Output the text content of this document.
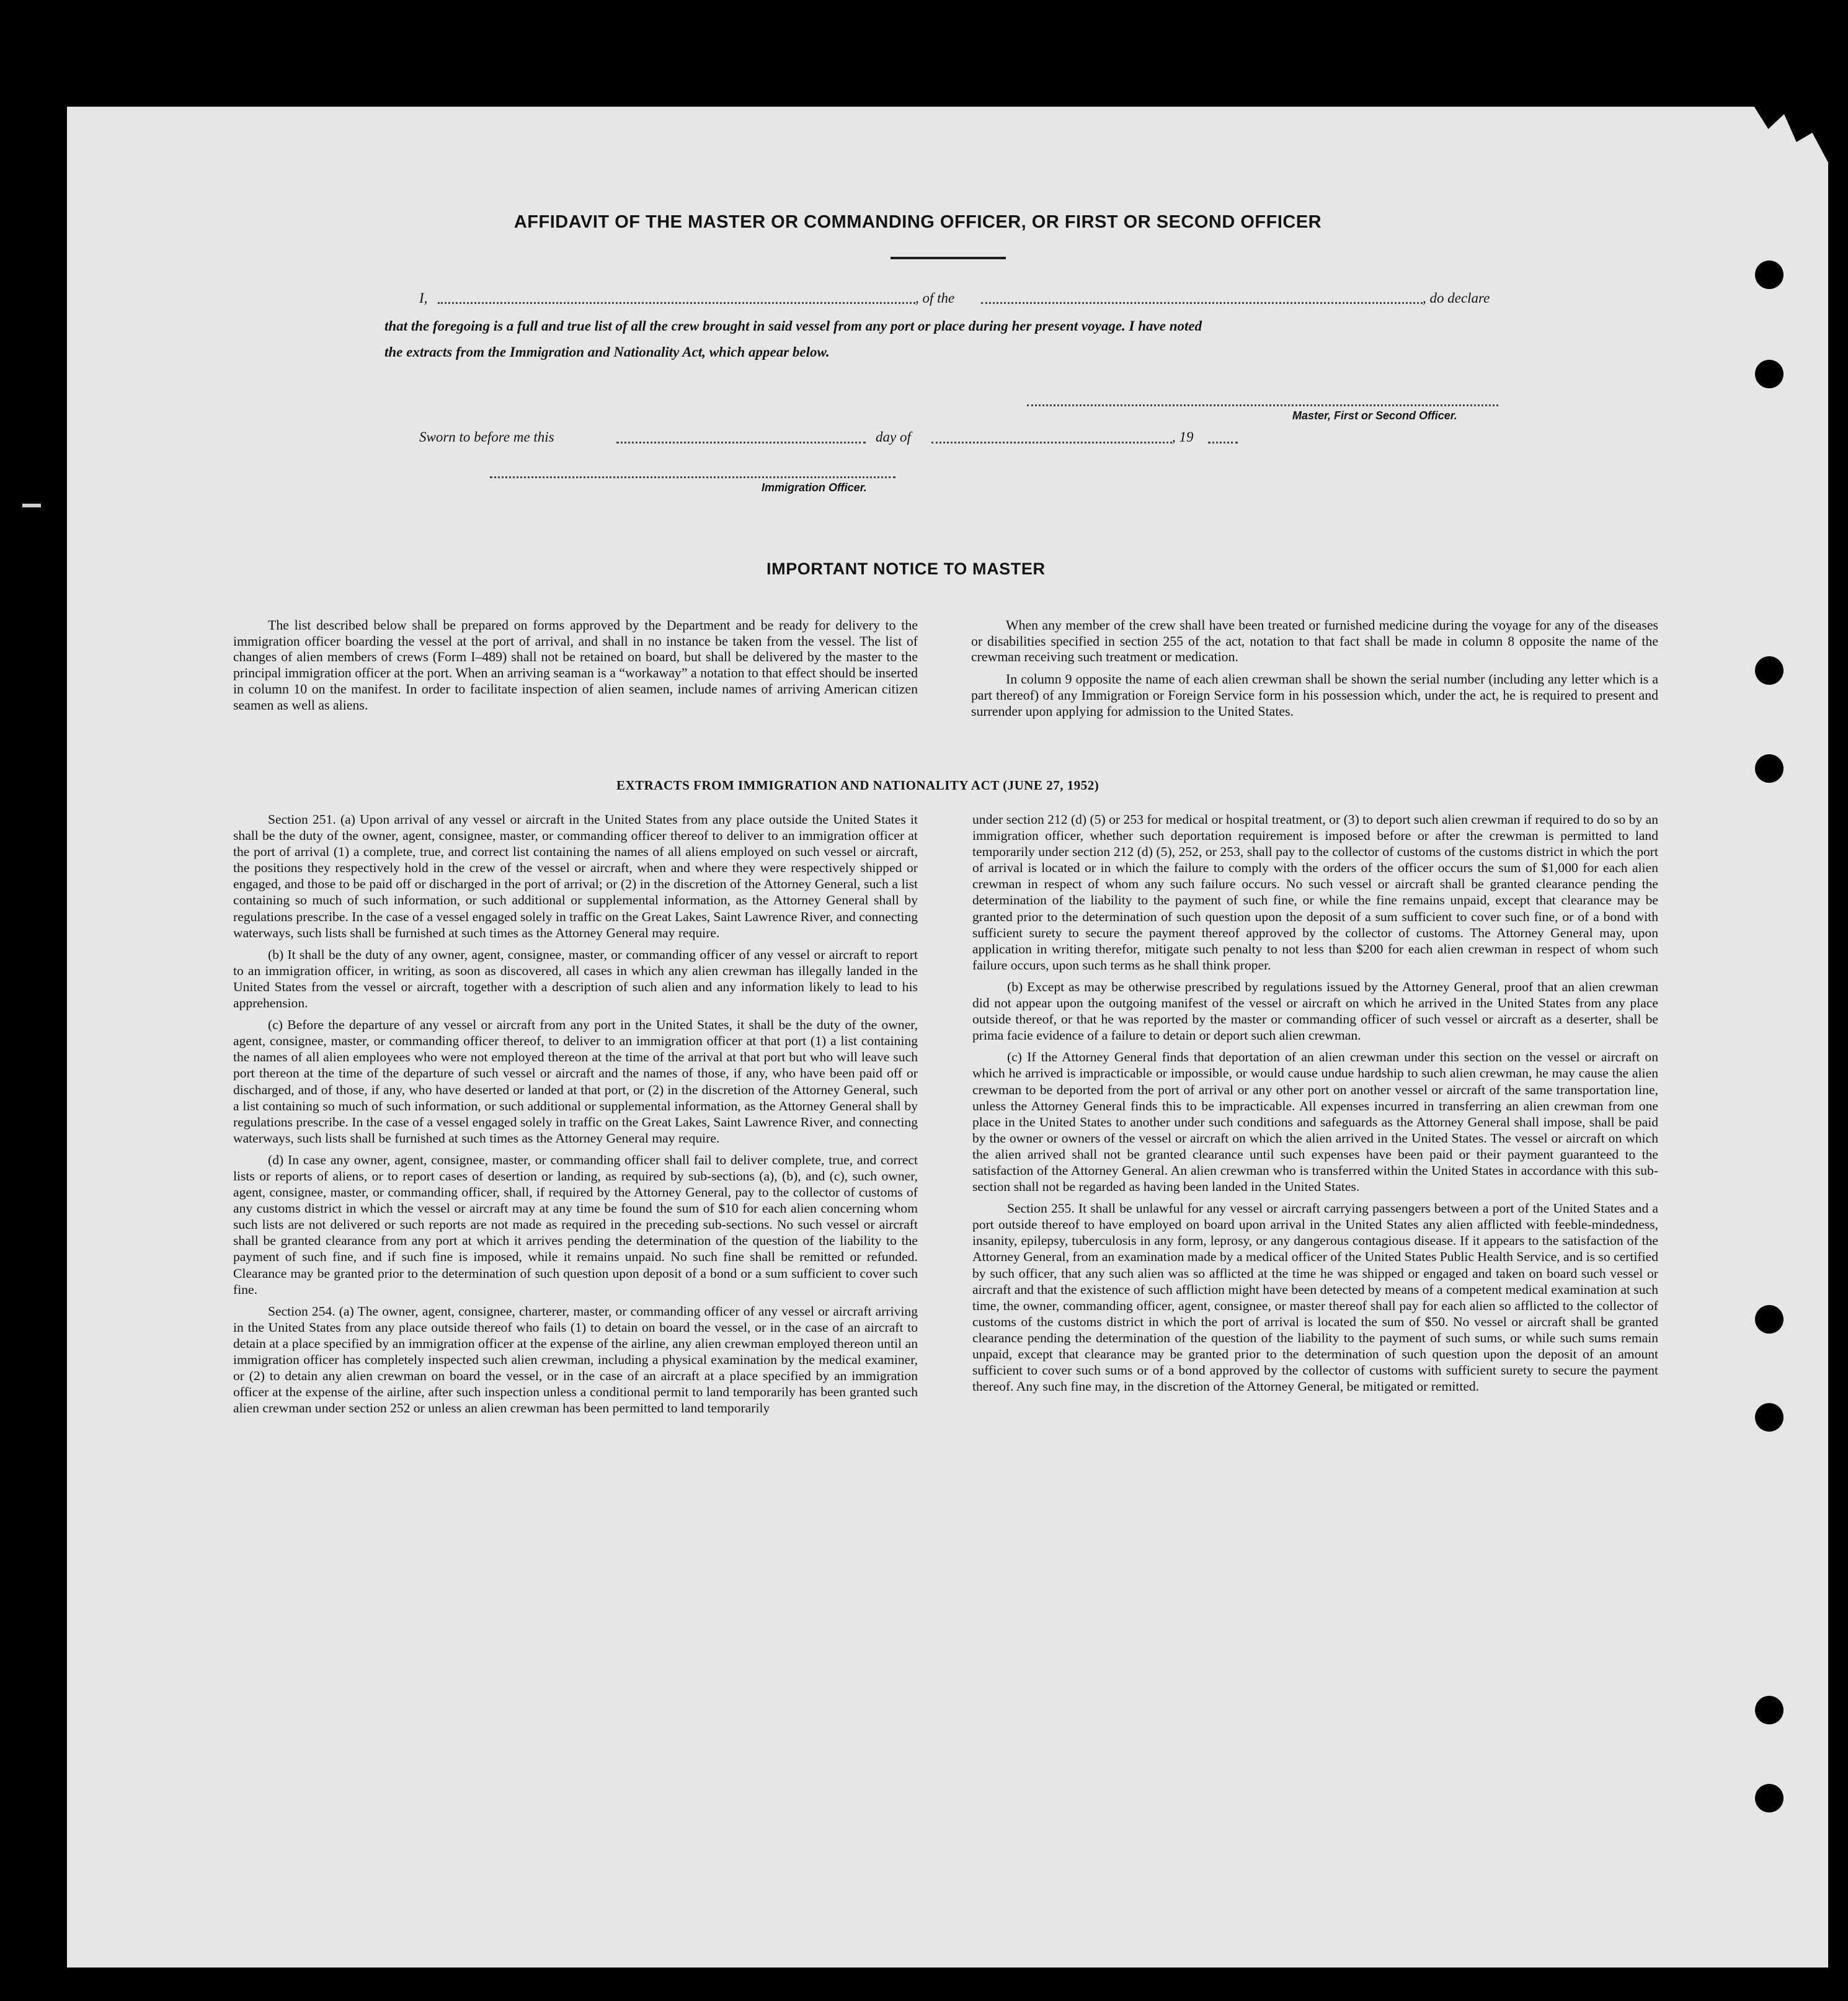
AFFIDAVIT OF THE MASTER OR COMMANDING OFFICER, OR FIRST OR SECOND OFFICER
I,	, of the	, do declare
that the foregoing is a full and true list of all the crew brought in said vessel from any port or place during her present voyage. I have noted
the extracts from the Immigration and Nationality Act, which appear below.
Master, First or Second Officer.
Sworn to before me this	day of	, 19
Immigration Officer.
IMPORTANT NOTICE TO MASTER

The list described below shall be prepared on forms approved by the Department and be ready for delivery to the immigration officer boarding the vessel at the port of arrival, and shall in no instance be taken from the vessel. The list of changes of alien members of crews (Form I–489) shall not be retained on board, but shall be delivered by the master to the principal immigration officer at the port. When an arriving seaman is a “workaway” a notation to that effect should be inserted in column 10 on the manifest. In order to facilitate inspection of alien seamen, include names of arriving American citizen seamen as well as aliens.

When any member of the crew shall have been treated or furnished medicine during the voyage for any of the diseases or disabilities specified in section 255 of the act, notation to that fact shall be made in column 8 opposite the name of the crewman receiving such treatment or medication.

In column 9 opposite the name of each alien crewman shall be shown the serial number (including any letter which is a part thereof) of any Immigration or Foreign Service form in his possession which, under the act, he is required to present and surrender upon applying for admission to the United States.

EXTRACTS FROM IMMIGRATION AND NATIONALITY ACT (JUNE 27, 1952)

Section 251. (a) Upon arrival of any vessel or aircraft in the United States from any place outside the United States it shall be the duty of the owner, agent, consignee, master, or commanding officer thereof to deliver to an immigration officer at the port of arrival (1) a complete, true, and correct list containing the names of all aliens employed on such vessel or aircraft, the positions they respectively hold in the crew of the vessel or aircraft, when and where they were respectively shipped or engaged, and those to be paid off or discharged in the port of arrival; or (2) in the discretion of the Attorney General, such a list containing so much of such information, or such additional or supplemental information, as the Attorney General shall by regulations prescribe. In the case of a vessel engaged solely in traffic on the Great Lakes, Saint Lawrence River, and connecting waterways, such lists shall be furnished at such times as the Attorney General may require.

(b) It shall be the duty of any owner, agent, consignee, master, or commanding officer of any vessel or aircraft to report to an immigration officer, in writing, as soon as discovered, all cases in which any alien crewman has illegally landed in the United States from the vessel or aircraft, together with a description of such alien and any information likely to lead to his apprehension.

(c) Before the departure of any vessel or aircraft from any port in the United States, it shall be the duty of the owner, agent, consignee, master, or commanding officer thereof, to deliver to an immigration officer at that port (1) a list containing the names of all alien employees who were not employed thereon at the time of the arrival at that port but who will leave such port thereon at the time of the departure of such vessel or aircraft and the names of those, if any, who have been paid off or discharged, and of those, if any, who have deserted or landed at that port, or (2) in the discretion of the Attorney General, such a list containing so much of such information, or such additional or supplemental information, as the Attorney General shall by regulations prescribe. In the case of a vessel engaged solely in traffic on the Great Lakes, Saint Lawrence River, and connecting waterways, such lists shall be furnished at such times as the Attorney General may require.

(d) In case any owner, agent, consignee, master, or commanding officer shall fail to deliver complete, true, and correct lists or reports of aliens, or to report cases of desertion or landing, as required by sub-sections (a), (b), and (c), such owner, agent, consignee, master, or commanding officer, shall, if required by the Attorney General, pay to the collector of customs of any customs district in which the vessel or aircraft may at any time be found the sum of $10 for each alien concerning whom such lists are not delivered or such reports are not made as required in the preceding sub-sections. No such vessel or aircraft shall be granted clearance from any port at which it arrives pending the determination of the question of the liability to the payment of such fine, and if such fine is imposed, while it remains unpaid. No such fine shall be remitted or refunded. Clearance may be granted prior to the determination of such question upon deposit of a bond or a sum sufficient to cover such fine.

Section 254. (a) The owner, agent, consignee, charterer, master, or commanding officer of any vessel or aircraft arriving in the United States from any place outside thereof who fails (1) to detain on board the vessel, or in the case of an aircraft to detain at a place specified by an immigration officer at the expense of the airline, any alien crewman employed thereon until an immigration officer has completely inspected such alien crewman, including a physical examination by the medical examiner, or (2) to detain any alien crewman on board the vessel, or in the case of an aircraft at a place specified by an immigration officer at the expense of the airline, after such inspection unless a conditional permit to land temporarily has been granted such alien crewman under section 252 or unless an alien crewman has been permitted to land temporarily

under section 212 (d) (5) or 253 for medical or hospital treatment, or (3) to deport such alien crewman if required to do so by an immigration officer, whether such deportation requirement is imposed before or after the crewman is permitted to land temporarily under section 212 (d) (5), 252, or 253, shall pay to the collector of customs of the customs district in which the port of arrival is located or in which the failure to comply with the orders of the officer occurs the sum of $1,000 for each alien crewman in respect of whom any such failure occurs. No such vessel or aircraft shall be granted clearance pending the determination of the liability to the payment of such fine, or while the fine remains unpaid, except that clearance may be granted prior to the determination of such question upon the deposit of a sum sufficient to cover such fine, or of a bond with sufficient surety to secure the payment thereof approved by the collector of customs. The Attorney General may, upon application in writing therefor, mitigate such penalty to not less than $200 for each alien crewman in respect of whom such failure occurs, upon such terms as he shall think proper.

(b) Except as may be otherwise prescribed by regulations issued by the Attorney General, proof that an alien crewman did not appear upon the outgoing manifest of the vessel or aircraft on which he arrived in the United States from any place outside thereof, or that he was reported by the master or commanding officer of such vessel or aircraft as a deserter, shall be prima facie evidence of a failure to detain or deport such alien crewman.

(c) If the Attorney General finds that deportation of an alien crewman under this section on the vessel or aircraft on which he arrived is impracticable or impossible, or would cause undue hardship to such alien crewman, he may cause the alien crewman to be deported from the port of arrival or any other port on another vessel or aircraft of the same transportation line, unless the Attorney General finds this to be impracticable. All expenses incurred in transferring an alien crewman from one place in the United States to another under such conditions and safeguards as the Attorney General shall impose, shall be paid by the owner or owners of the vessel or aircraft on which the alien arrived in the United States. The vessel or aircraft on which the alien arrived shall not be granted clearance until such expenses have been paid or their payment guaranteed to the satisfaction of the Attorney General. An alien crewman who is transferred within the United States in accordance with this sub-section shall not be regarded as having been landed in the United States.

Section 255. It shall be unlawful for any vessel or aircraft carrying passengers between a port of the United States and a port outside thereof to have employed on board upon arrival in the United States any alien afflicted with feeble-mindedness, insanity, epilepsy, tuberculosis in any form, leprosy, or any dangerous contagious disease. If it appears to the satisfaction of the Attorney General, from an examination made by a medical officer of the United States Public Health Service, and is so certified by such officer, that any such alien was so afflicted at the time he was shipped or engaged and taken on board such vessel or aircraft and that the existence of such affliction might have been detected by means of a competent medical examination at such time, the owner, commanding officer, agent, consignee, or master thereof shall pay for each alien so afflicted to the collector of customs of the customs district in which the port of arrival is located the sum of $50. No vessel or aircraft shall be granted clearance pending the determination of the question of the liability to the payment of such sums, or while such sums remain unpaid, except that clearance may be granted prior to the determination of such question upon the deposit of an amount sufficient to cover such sums or of a bond approved by the collector of customs with sufficient surety to secure the payment thereof. Any such fine may, in the discretion of the Attorney General, be mitigated or remitted.
